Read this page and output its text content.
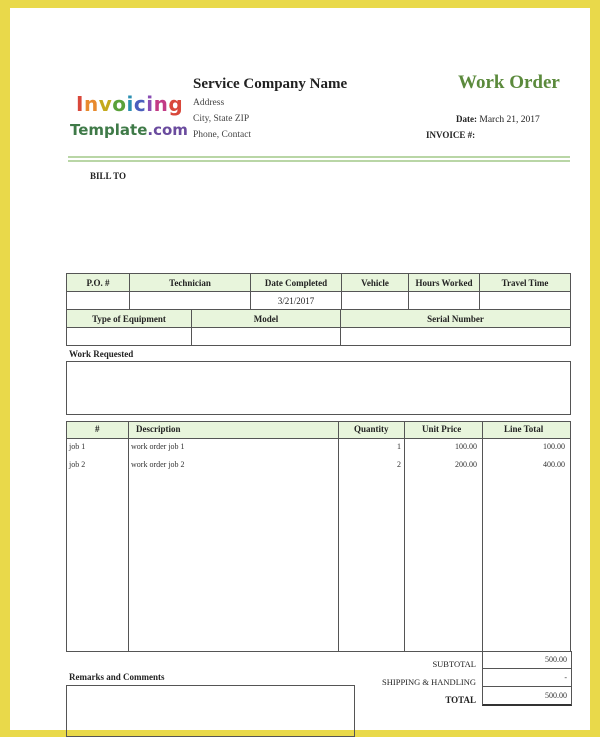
Invoicing
Template.com
Service Company Name
Address
City, State ZIP
Phone, Contact
Work Order
Date: March 21, 2017
INVOICE #:
BILL TO
P.O. #	Technician	Date Completed	Vehicle	Hours Worked	Travel Time
		3/21/2017			
Type of Equipment	Model	Serial Number

Work Requested
#	Description	Quantity	Unit Price	Line Total
job 1	work order job 1	1	100.00	100.00
job 2	work order job 2	2	200.00	400.00
SUBTOTAL	500.00
SHIPPING & HANDLING	-
TOTAL	500.00
Remarks and Comments
